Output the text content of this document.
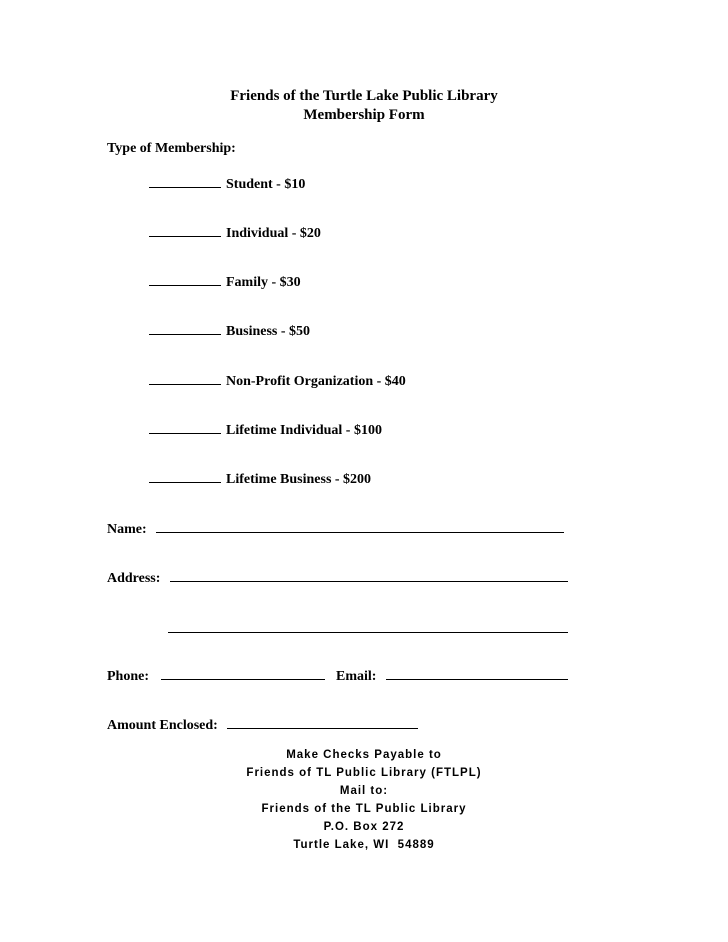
Friends of the Turtle Lake Public Library
Membership Form
Type of Membership:
Student - $10
Individual - $20
Family - $30
Business - $50
Non-Profit Organization - $40
Lifetime Individual - $100
Lifetime Business - $200
Name:
Address:
Phone:	Email:
Amount Enclosed:
Make Checks Payable to
Friends of TL Public Library (FTLPL)
Mail to:
Friends of the TL Public Library
P.O. Box 272
Turtle Lake, WI  54889
